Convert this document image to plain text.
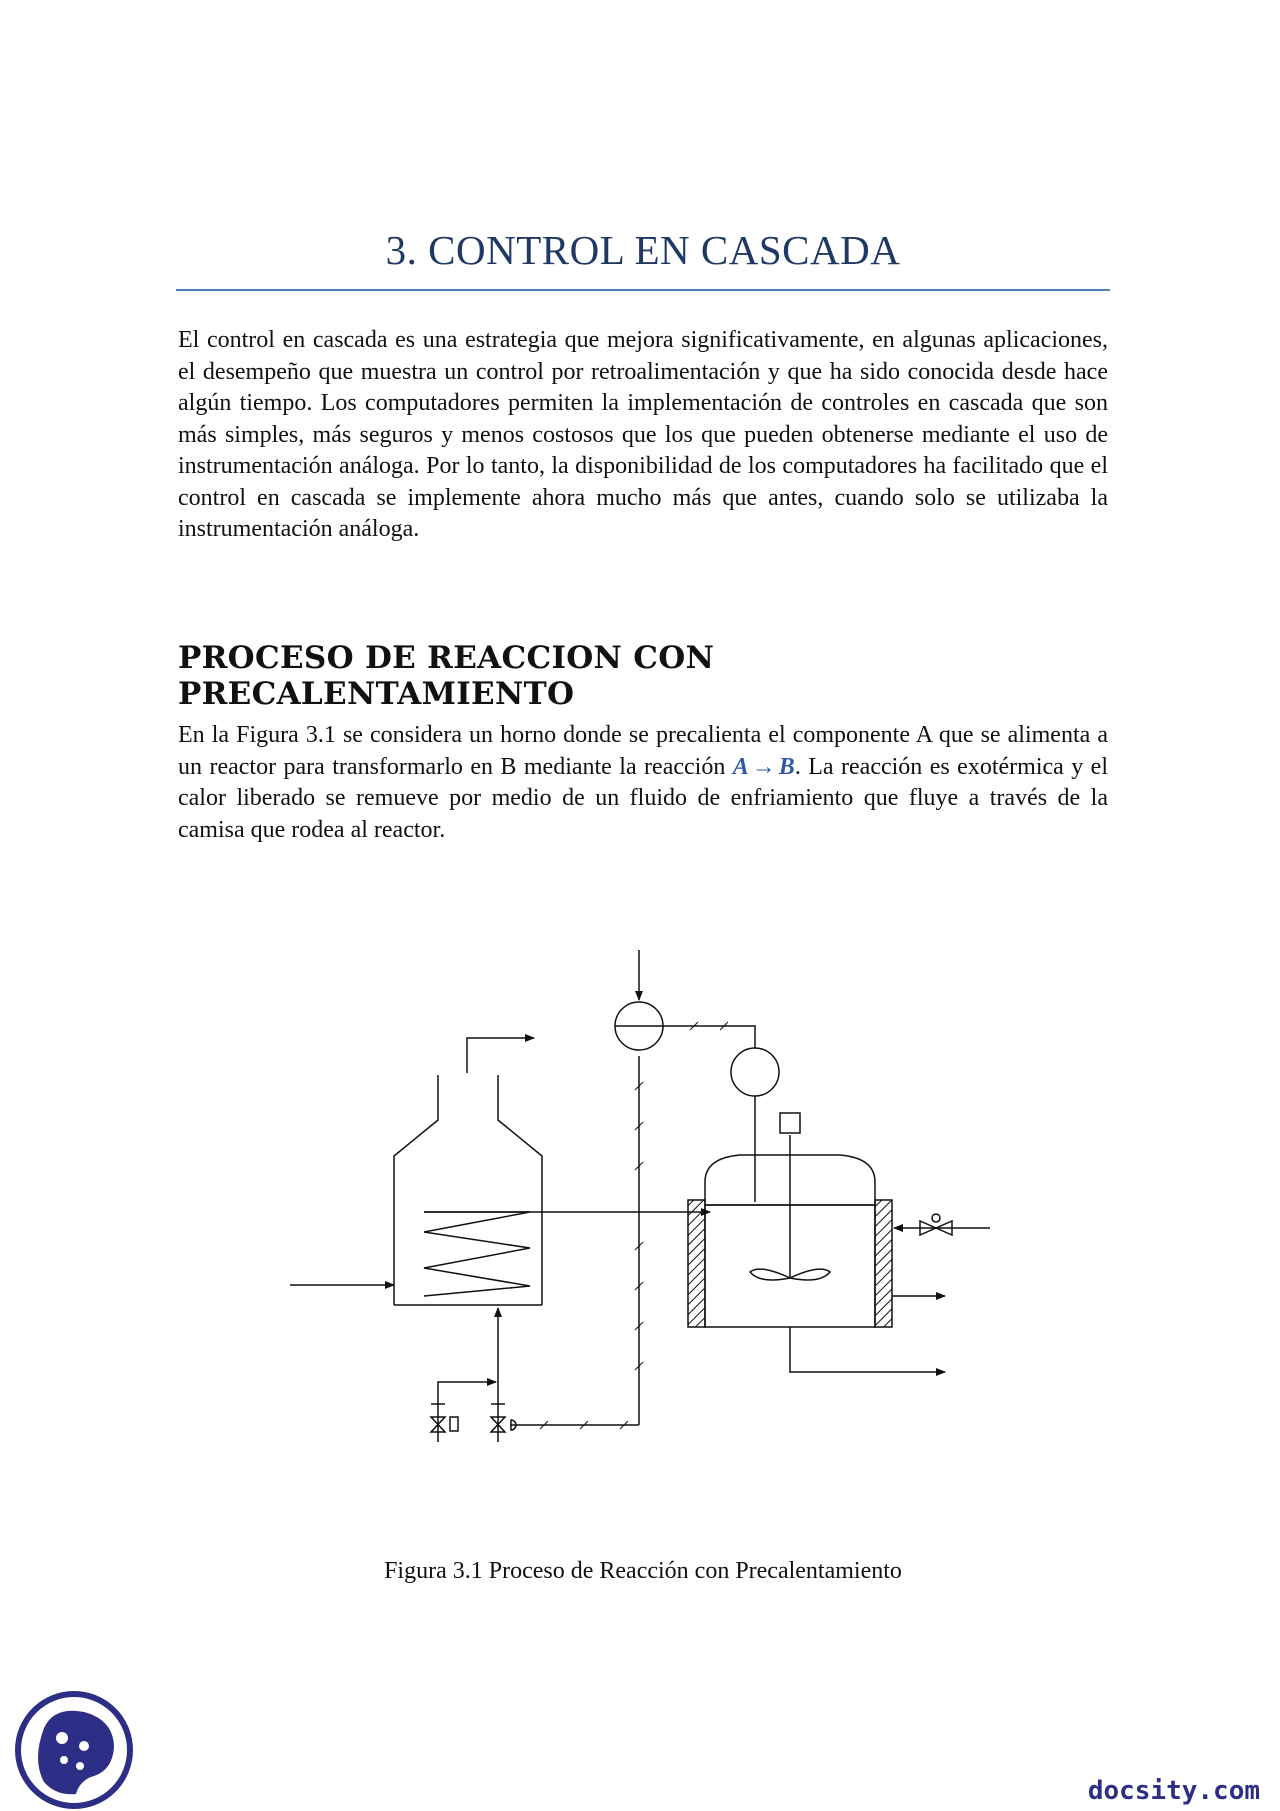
3. CONTROL EN CASCADA

El control en cascada es una estrategia que mejora significativamente, en algunas aplicaciones, el desempeño que muestra un control por retroalimentación y que ha sido conocida desde hace algún tiempo. Los computadores permiten la implementación de controles en cascada que son más simples, más seguros y menos costosos que los que pueden obtenerse mediante el uso de instrumentación análoga. Por lo tanto, la disponibilidad de los computadores ha facilitado que el control en cascada se implemente ahora mucho más que antes, cuando solo se utilizaba la instrumentación análoga.

PROCESO DE REACCION CON PRECALENTAMIENTO

En la Figura 3.1 se considera un horno donde se precalienta el componente A que se alimenta a un reactor para transformarlo en B mediante la reacción A → B. La reacción es exotérmica y el calor liberado se remueve por medio de un fluido de enfriamiento que fluye a través de la camisa que rodea al reactor.

Figura 3.1 Proceso de Reacción con Precalentamiento
docsity.com
